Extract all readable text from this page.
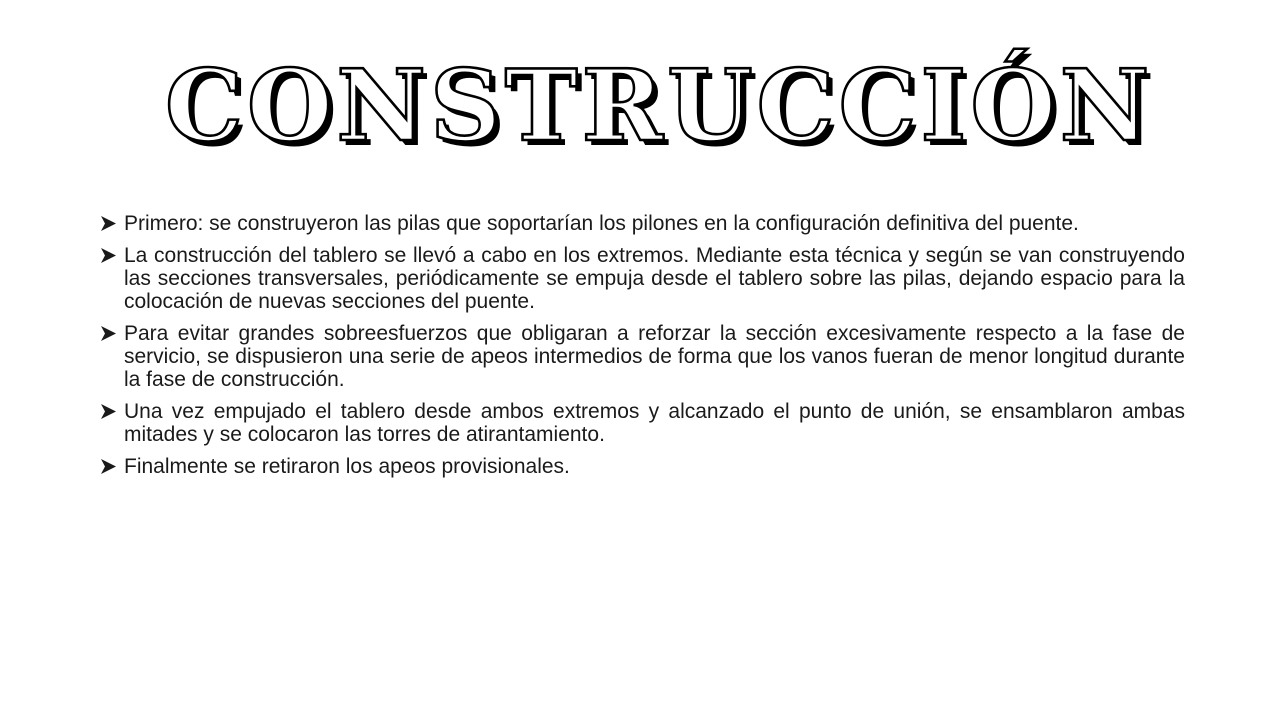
CONSTRUCCIÓN
Primero: se construyeron las pilas que soportarían los pilones en la configuración definitiva del puente.
La construcción del tablero se llevó a cabo en los extremos. Mediante esta técnica y según se van construyendo las secciones transversales, periódicamente se empuja desde el tablero sobre las pilas, dejando espacio para la colocación de nuevas secciones del puente.
Para evitar grandes sobreesfuerzos que obligaran a reforzar la sección excesivamente respecto a la fase de servicio, se dispusieron una serie de apeos intermedios de forma que los vanos fueran de menor longitud durante la fase de construcción.
Una vez empujado el tablero desde ambos extremos y alcanzado el punto de unión, se ensamblaron ambas mitades y se colocaron las torres de atirantamiento.
Finalmente se retiraron los apeos provisionales.
